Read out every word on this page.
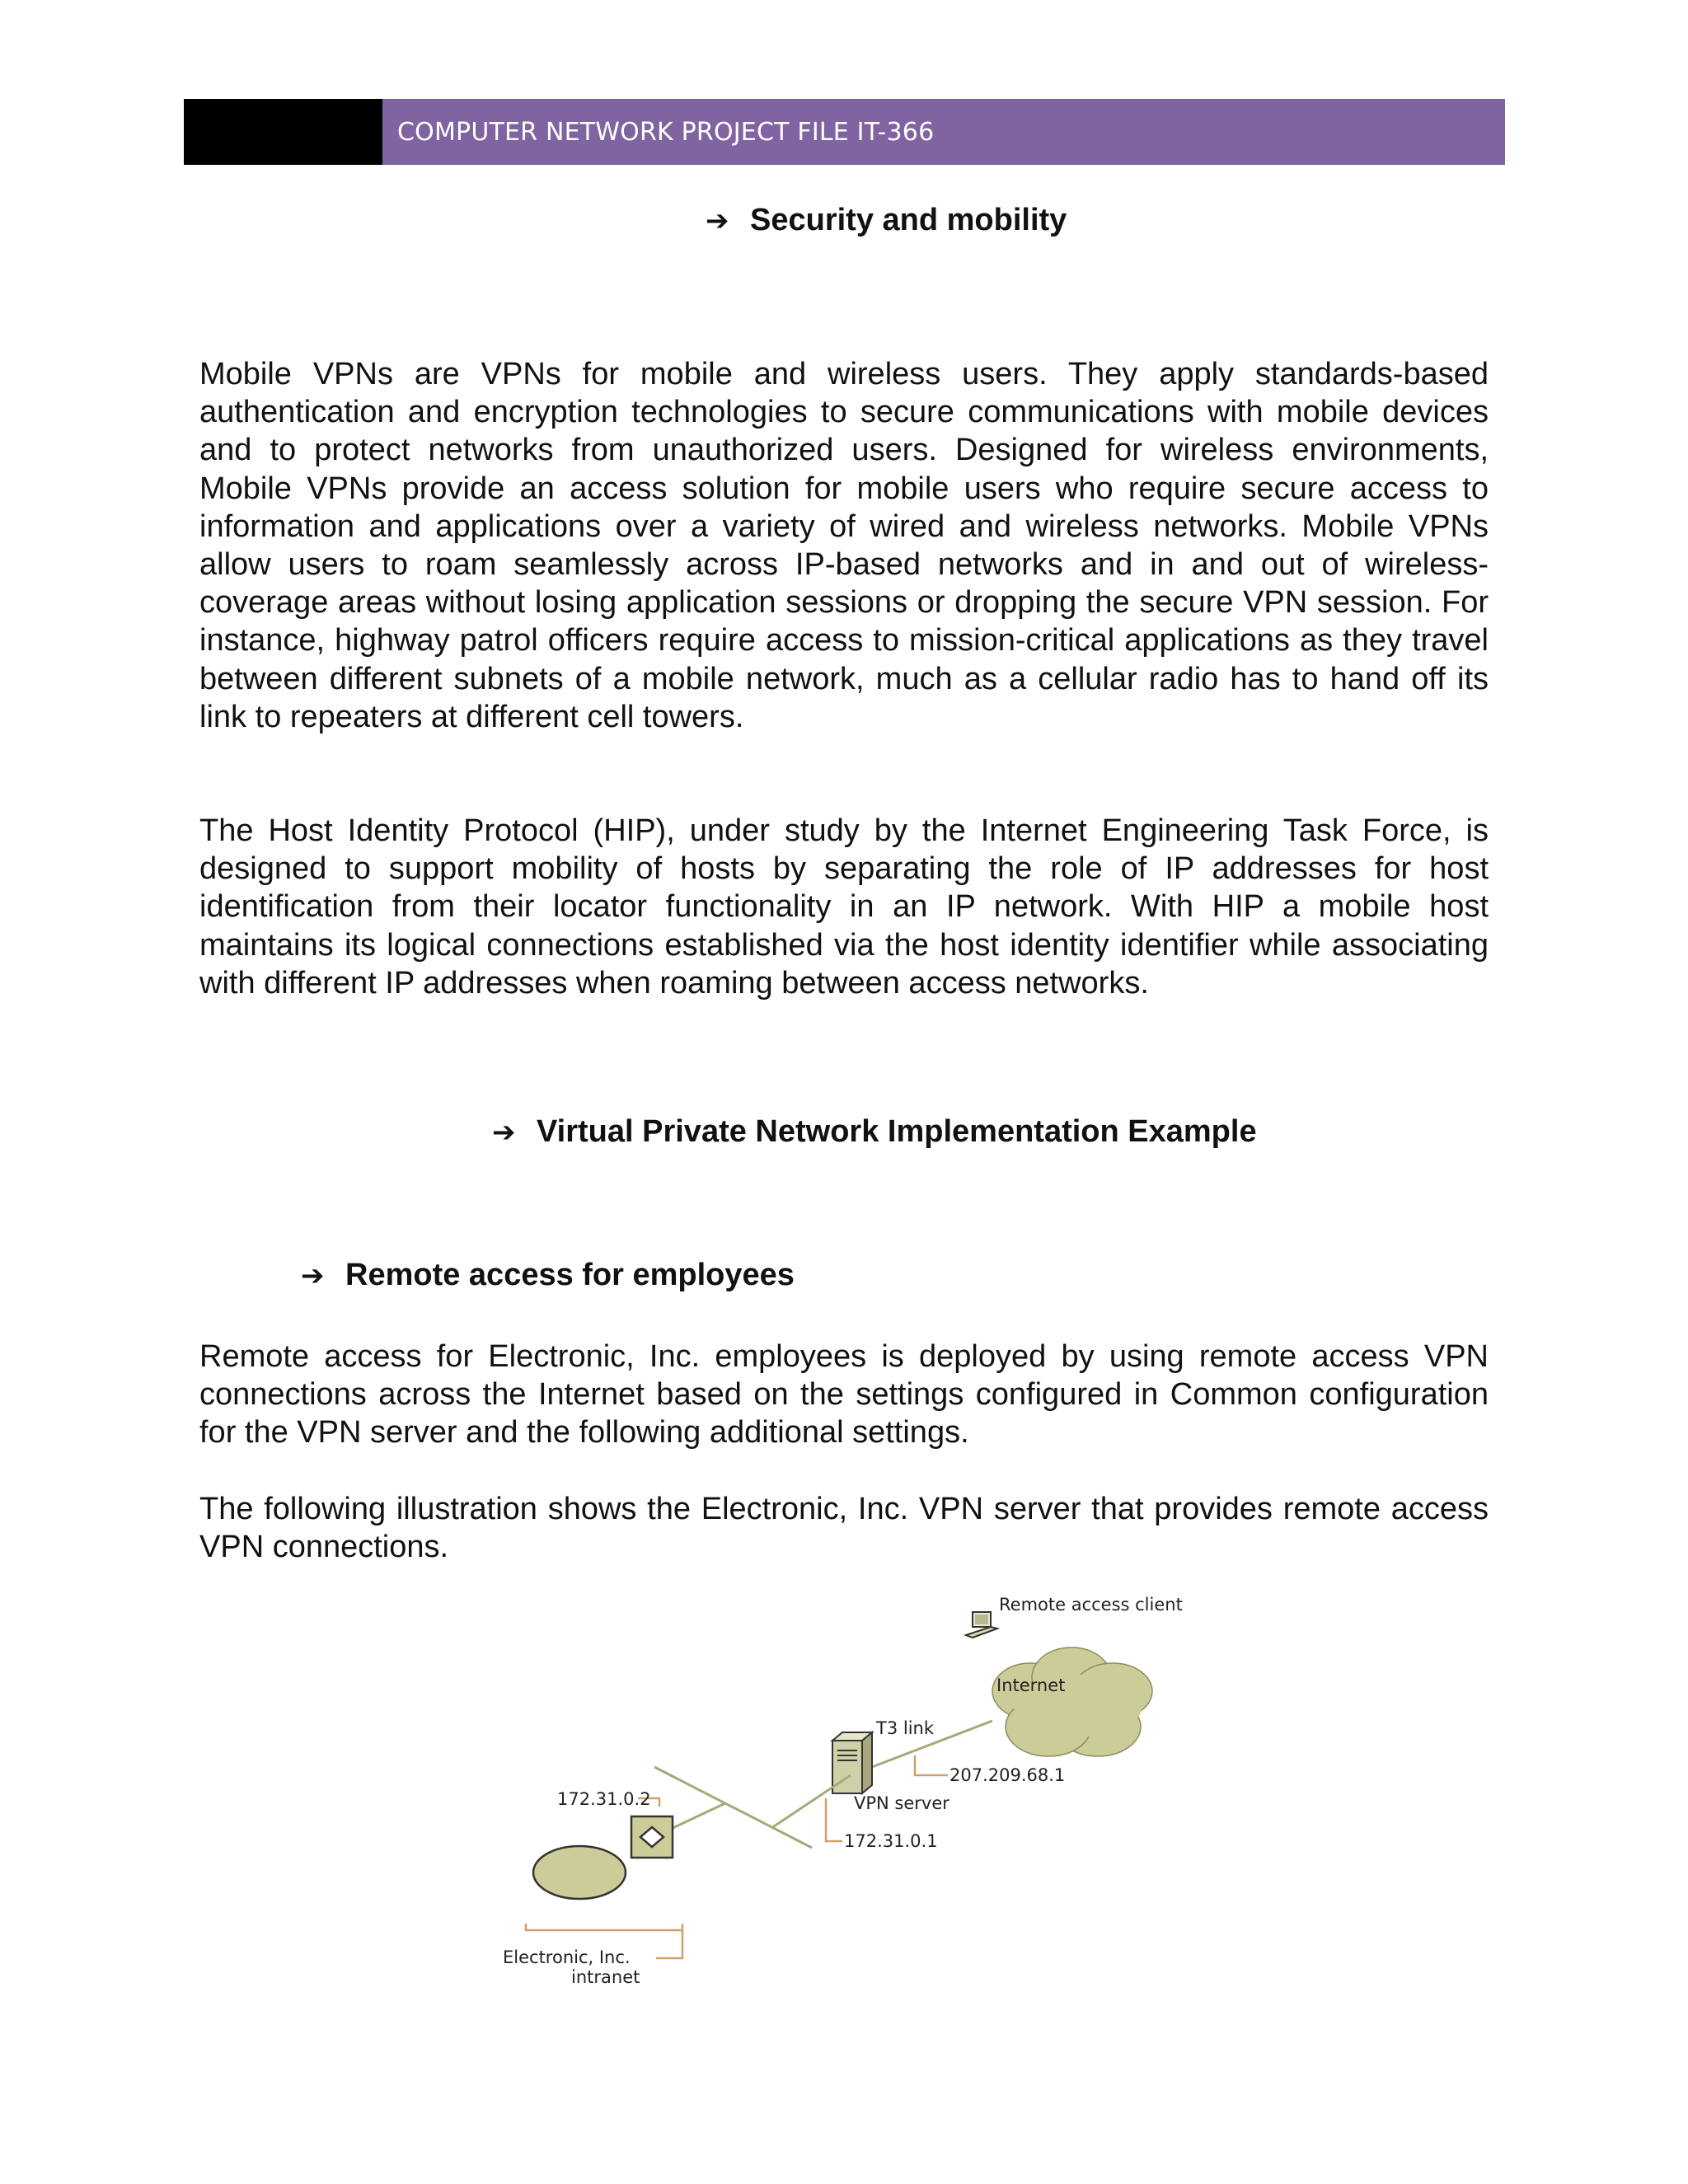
COMPUTER NETWORK PROJECT FILE IT-366
➔ Security and mobility

Mobile VPNs are VPNs for mobile and wireless users. They apply standards-based authentication and encryption technologies to secure communications with mobile devices and to protect networks from unauthorized users. Designed for wireless environments, Mobile VPNs provide an access solution for mobile users who require secure access to information and applications over a variety of wired and wireless networks. Mobile VPNs allow users to roam seamlessly across IP-based networks and in and out of wireless-coverage areas without losing application sessions or dropping the secure VPN session. For instance, highway patrol officers require access to mission-critical applications as they travel between different subnets of a mobile network, much as a cellular radio has to hand off its link to repeaters at different cell towers.

The Host Identity Protocol (HIP), under study by the Internet Engineering Task Force, is designed to support mobility of hosts by separating the role of IP addresses for host identification from their locator functionality in an IP network. With HIP a mobile host maintains its logical connections established via the host identity identifier while associating with different IP addresses when roaming between access networks.

➔ Virtual Private Network Implementation Example
➔ Remote access for employees

Remote access for Electronic, Inc. employees is deployed by using remote access VPN connections across the Internet based on the settings configured in Common configuration for the VPN server and the following additional settings.

The following illustration shows the Electronic, Inc. VPN server that provides remote access VPN connections.

Internet
Remote access client
T3 link
207.209.68.1
VPN server
172.31.0.1
172.31.0.2
Electronic, Inc.
intranet
